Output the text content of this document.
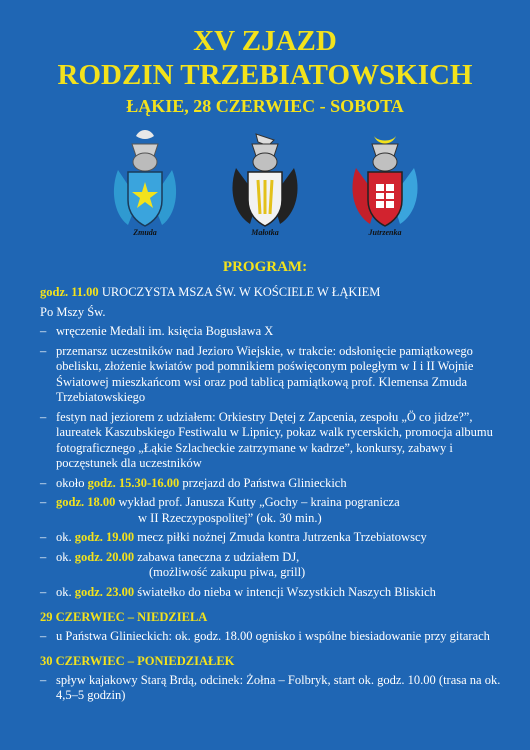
XV ZJAZD
RODZIN TRZEBIATOWSKICH
ŁĄKIE, 28 CZERWIEC - SOBOTA
Zmuda	Małotka	Jutrzenka
PROGRAM:
godz. 11.00 UROCZYSTA MSZA ŚW. W KOŚCIELE W ŁĄKIEM
Po Mszy Św.
– wręczenie Medali im. księcia Bogusława X
– przemarsz uczestników nad Jezioro Wiejskie, w trakcie: odsłonięcie pamiątkowego obelisku, złożenie kwiatów pod pomnikiem poświęconym poległym w I i II Wojnie Światowej mieszkańcom wsi oraz pod tablicą pamiątkową prof. Klemensa Zmuda Trzebiatowskiego
– festyn nad jeziorem z udziałem: Orkiestry Dętej z Zapcenia, zespołu „Ö co jidze?”, laureatek Kaszubskiego Festiwalu w Lipnicy, pokaz walk rycerskich, promocja albumu fotograficznego „Łąkie Szlacheckie zatrzymane w kadrze”, konkursy, zabawy i poczęstunek dla uczestników
– około godz. 15.30-16.00 przejazd do Państwa Glinieckich
– godz. 18.00 wykład prof. Janusza Kutty „Gochy – kraina pogranicza
w II Rzeczypospolitej” (ok. 30 min.)
– ok. godz. 19.00 mecz piłki nożnej Zmuda kontra Jutrzenka Trzebiatowscy
– ok. godz. 20.00 zabawa taneczna z udziałem DJ,
(możliwość zakupu piwa, grill)
– ok. godz. 23.00 światełko do nieba w intencji Wszystkich Naszych Bliskich
29 CZERWIEC – NIEDZIELA
– u Państwa Glinieckich: ok. godz. 18.00 ognisko i wspólne biesiadowanie przy gitarach
30 CZERWIEC – PONIEDZIAŁEK
– spływ kajakowy Starą Brdą, odcinek: Żołna – Folbryk, start ok. godz. 10.00 (trasa na ok. 4,5–5 godzin)
